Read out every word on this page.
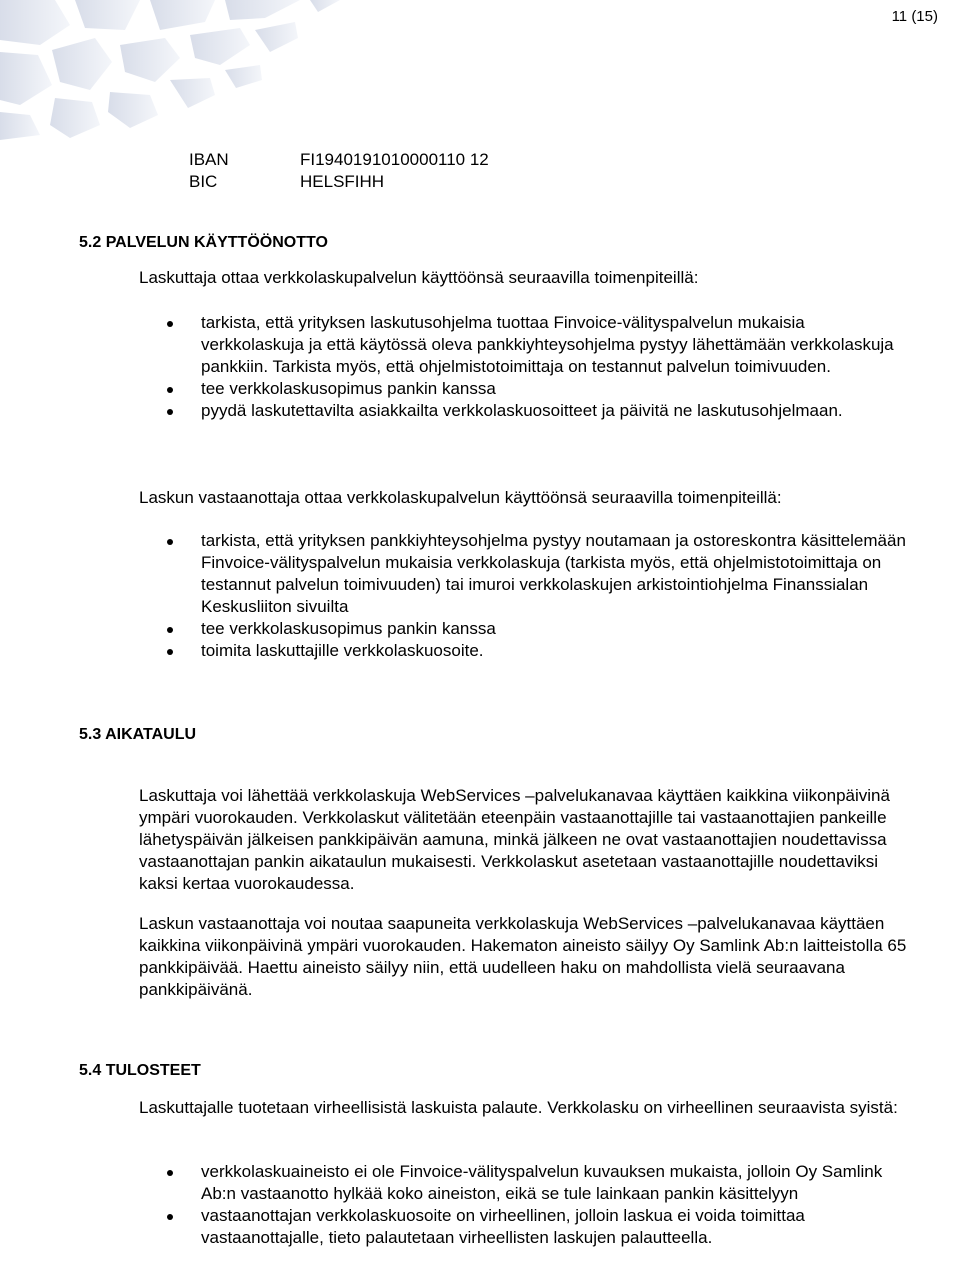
11 (15)
IBAN	FI1940191010000110 12
BIC	HELSFIHH
5.2 PALVELUN KÄYTTÖÖNOTTO

Laskuttaja ottaa verkkolaskupalvelun käyttöönsä seuraavilla toimenpiteillä:

tarkista, että yrityksen laskutusohjelma tuottaa Finvoice-välityspalvelun mukaisia verkkolaskuja ja että käytössä oleva pankkiyhteysohjelma pystyy lähettämään verkkolaskuja pankkiin. Tarkista myös, että ohjelmistotoimittaja on testannut palvelun toimivuuden.
tee verkkolaskusopimus pankin kanssa
pyydä laskutettavilta asiakkailta verkkolaskuosoitteet ja päivitä ne laskutusohjelmaan.

Laskun vastaanottaja ottaa verkkolaskupalvelun käyttöönsä seuraavilla toimenpiteillä:

tarkista, että yrityksen pankkiyhteysohjelma pystyy noutamaan ja ostoreskontra käsittelemään Finvoice-välityspalvelun mukaisia verkkolaskuja (tarkista myös, että ohjelmistotoimittaja on testannut palvelun toimivuuden) tai imuroi verkkolaskujen arkistointiohjelma Finanssialan Keskusliiton sivuilta
tee verkkolaskusopimus pankin kanssa
toimita laskuttajille verkkolaskuosoite.
5.3 AIKATAULU

Laskuttaja voi lähettää verkkolaskuja WebServices –palvelukanavaa käyttäen kaikkina viikonpäivinä ympäri vuorokauden. Verkkolaskut välitetään eteenpäin vastaanottajille tai vastaanottajien pankeille lähetyspäivän jälkeisen pankkipäivän aamuna, minkä jälkeen ne ovat vastaanottajien noudettavissa vastaanottajan pankin aikataulun mukaisesti. Verkkolaskut asetetaan vastaanottajille noudettaviksi kaksi kertaa vuorokaudessa.

Laskun vastaanottaja voi noutaa saapuneita verkkolaskuja WebServices –palvelukanavaa käyttäen kaikkina viikonpäivinä ympäri vuorokauden. Hakematon aineisto säilyy Oy Samlink Ab:n laitteistolla 65 pankkipäivää. Haettu aineisto säilyy niin, että uudelleen haku on mahdollista vielä seuraavana pankkipäivänä.

5.4 TULOSTEET

Laskuttajalle tuotetaan virheellisistä laskuista palaute. Verkkolasku on virheellinen seuraavista syistä:

verkkolaskuaineisto ei ole Finvoice-välityspalvelun kuvauksen mukaista, jolloin Oy Samlink Ab:n vastaanotto hylkää koko aineiston, eikä se tule lainkaan pankin käsittelyyn
vastaanottajan verkkolaskuosoite on virheellinen, jolloin laskua ei voida toimittaa vastaanottajalle, tieto palautetaan virheellisten laskujen palautteella.
